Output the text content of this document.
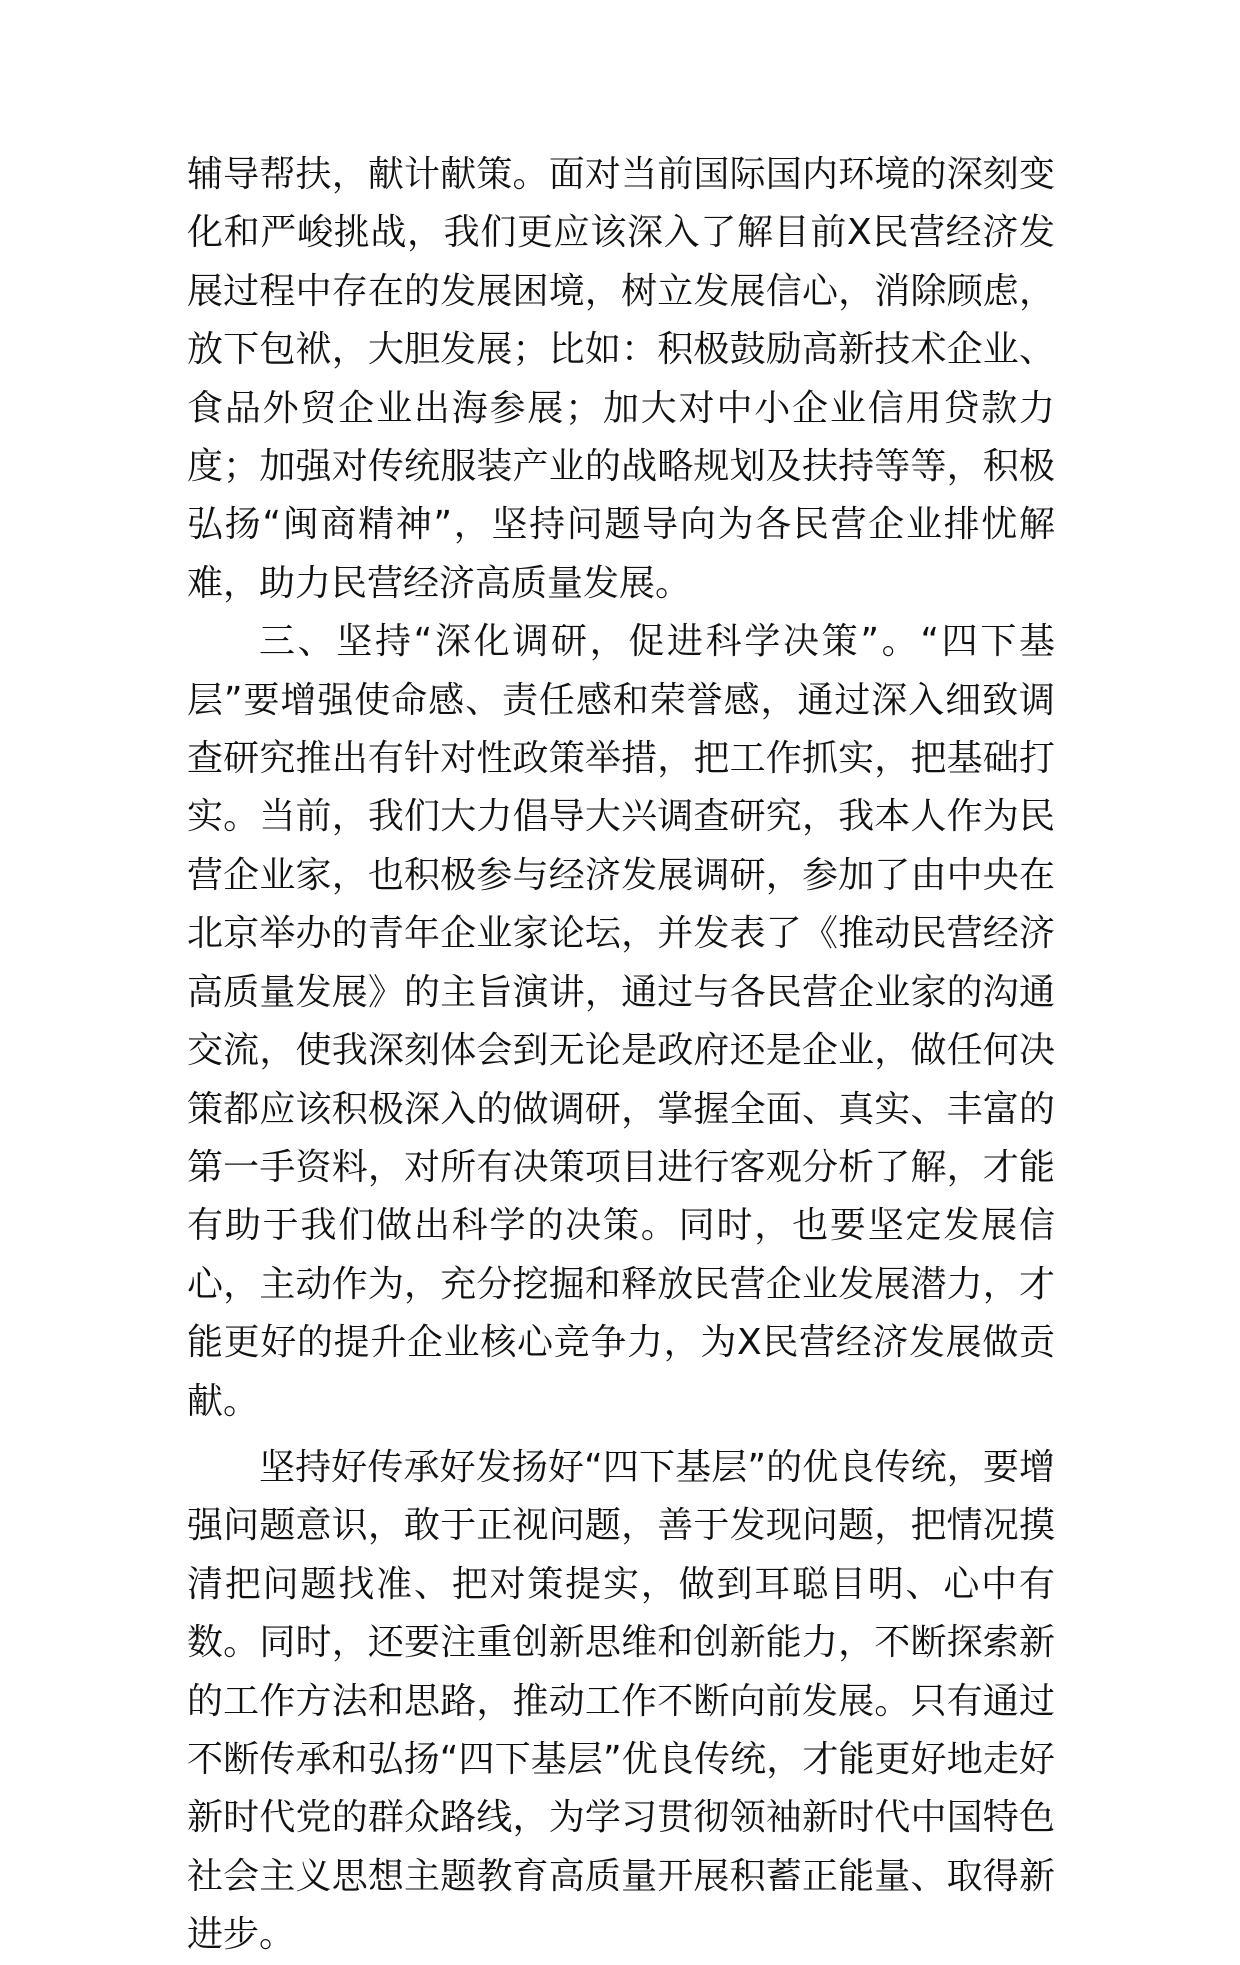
辅导帮扶，献计献策。面对当前国际国内环境的深刻变化和严峻挑战，我们更应该深入了解目前X民营经济发展过程中存在的发展困境，树立发展信心，消除顾虑，放下包袱，大胆发展；比如：积极鼓励高新技术企业、食品外贸企业出海参展；加大对中小企业信用贷款力度；加强对传统服装产业的战略规划及扶持等等，积极弘扬“闽商精神”，坚持问题导向为各民营企业排忧解难，助力民营经济高质量发展。

三、坚持“深化调研，促进科学决策”。“四下基层”要增强使命感、责任感和荣誉感，通过深入细致调查研究推出有针对性政策举措，把工作抓实，把基础打实。当前，我们大力倡导大兴调查研究，我本人作为民营企业家，也积极参与经济发展调研，参加了由中央在北京举办的青年企业家论坛，并发表了《推动民营经济高质量发展》的主旨演讲，通过与各民营企业家的沟通交流，使我深刻体会到无论是政府还是企业，做任何决策都应该积极深入的做调研，掌握全面、真实、丰富的第一手资料，对所有决策项目进行客观分析了解，才能有助于我们做出科学的决策。同时，也要坚定发展信心，主动作为，充分挖掘和释放民营企业发展潜力，才能更好的提升企业核心竞争力，为X民营经济发展做贡献。

坚持好传承好发扬好“四下基层”的优良传统，要增强问题意识，敢于正视问题，善于发现问题，把情况摸清把问题找准、把对策提实，做到耳聪目明、心中有数。同时，还要注重创新思维和创新能力，不断探索新的工作方法和思路，推动工作不断向前发展。只有通过不断传承和弘扬“四下基层”优良传统，才能更好地走好新时代党的群众路线，为学习贯彻领袖新时代中国特色社会主义思想主题教育高质量开展积蓄正能量、取得新进步。
